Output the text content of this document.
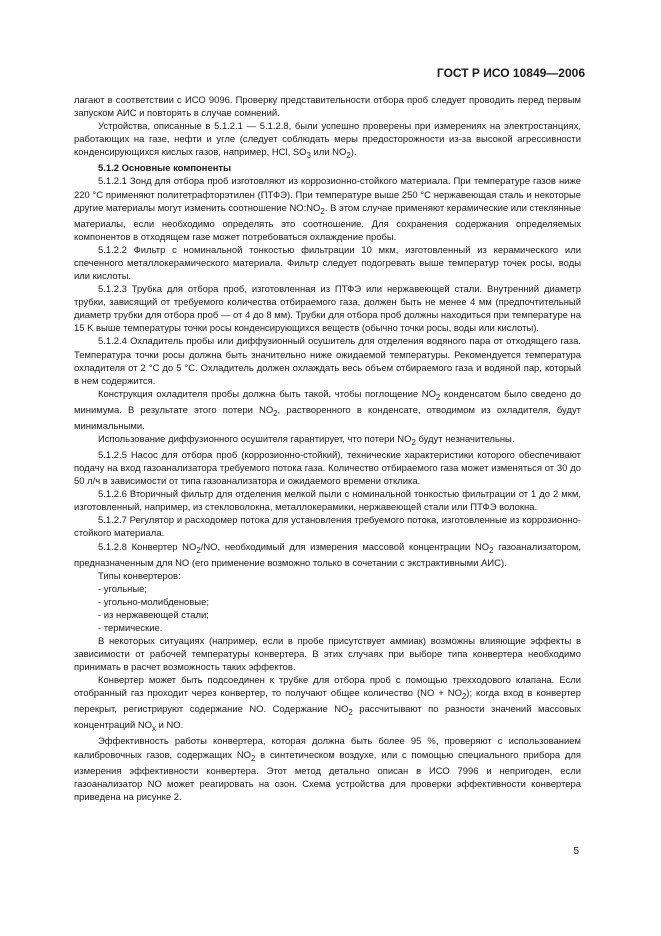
ГОСТ Р ИСО 10849—2006

лагают в соответствии с ИСО 9096. Проверку представительности отбора проб следует проводить перед первым запуском АИС и повторять в случае сомнений.

Устройства, описанные в 5.1.2.1 — 5.1.2.8, были успешно проверены при измерениях на электростанциях, работающих на газе, нефти и угле (следует соблюдать меры предосторожности из-за высокой агрессивности конденсирующихся кислых газов, например, HCl, $SO_3$ или $NO_2$).

5.1.2 Основные компоненты

5.1.2.1 Зонд для отбора проб изготовляют из коррозионно-стойкого материала. При температуре газов ниже 220 °С применяют политетрафторэтилен (ПТФЭ). При температуре выше 250 °С нержавеющая сталь и некоторые другие материалы могут изменить соотношение $NO:NO_2$. В этом случае применяют керамические или стеклянные материалы, если необходимо определять это соотношение. Для сохранения содержания определяемых компонентов в отходящем газе может потребоваться охлаждение пробы.

5.1.2.2 Фильтр с номинальной тонкостью фильтрации 10 мкм, изготовленный из керамического или спеченного металлокерамического материала. Фильтр следует подогревать выше температур точек росы, воды или кислоты.

5.1.2.3 Трубка для отбора проб, изготовленная из ПТФЭ или нержавеющей стали. Внутренний диаметр трубки, зависящий от требуемого количества отбираемого газа, должен быть не менее 4 мм (предпочтительный диаметр трубки для отбора проб — от 4 до 8 мм). Трубки для отбора проб должны находиться при температуре на 15 K выше температуры точки росы конденсирующихся веществ (обычно точки росы, воды или кислоты).

5.1.2.4 Охладитель пробы или диффузионный осушитель для отделения водяного пара от отходящего газа. Температура точки росы должна быть значительно ниже ожидаемой температуры. Рекомендуется температура охладителя от 2 °С до 5 °С. Охладитель должен охлаждать весь объем отбираемого газа и водяной пар, который в нем содержится.

Конструкция охладителя пробы должна быть такой, чтобы поглощение $NO_2$ конденсатом было сведено до минимума. В результате этого потери $NO_2$, растворенного в конденсате, отводимом из охладителя, будут минимальными.

Использование диффузионного осушителя гарантирует, что потери $NO_2$ будут незначительны.

5.1.2.5 Насос для отбора проб (коррозионно-стойкий), технические характеристики которого обеспечивают подачу на вход газоанализатора требуемого потока газа. Количество отбираемого газа может изменяться от 30 до 50 л/ч в зависимости от типа газоанализатора и ожидаемого времени отклика.

5.1.2.6 Вторичный фильтр для отделения мелкой пыли с номинальной тонкостью фильтрации от 1 до 2 мкм, изготовленный, например, из стекловолокна, металлокерамики, нержавеющей стали или ПТФЭ волокна.

5.1.2.7 Регулятор и расходомер потока для установления требуемого потока, изготовленные из коррозионно-стойкого материала.

5.1.2.8 Конвертер $NO_2/NO$, необходимый для измерения массовой концентрации $NO_2$ газоанализатором, предназначенным для NO (его применение возможно только в сочетании с экстрактивными АИС).

Типы конвертеров:

- угольные;

- угольно-молибденовые;

- из нержавеющей стали;

- термические.

В некоторых ситуациях (например, если в пробе присутствует аммиак) возможны влияющие эффекты в зависимости от рабочей температуры конвертера. В этих случаях при выборе типа конвертера необходимо принимать в расчет возможность таких эффектов.

Конвертер может быть подсоединен к трубке для отбора проб с помощью трехходового клапана. Если отобранный газ проходит через конвертер, то получают общее количество $(NO + NO_2)$; когда вход в конвертер перекрыт, регистрируют содержание NO. Содержание $NO_2$ рассчитывают по разности значений массовых концентраций $NO_x$ и NO.

Эффективность работы конвертера, которая должна быть более 95 %, проверяют с использованием калибровочных газов, содержащих $NO_2$ в синтетическом воздухе, или с помощью специального прибора для измерения эффективности конвертера. Этот метод детально описан в ИСО 7996 и непригоден, если газоанализатор NO может реагировать на озон. Схема устройства для проверки эффективности конвертера приведена на рисунке 2.

5
